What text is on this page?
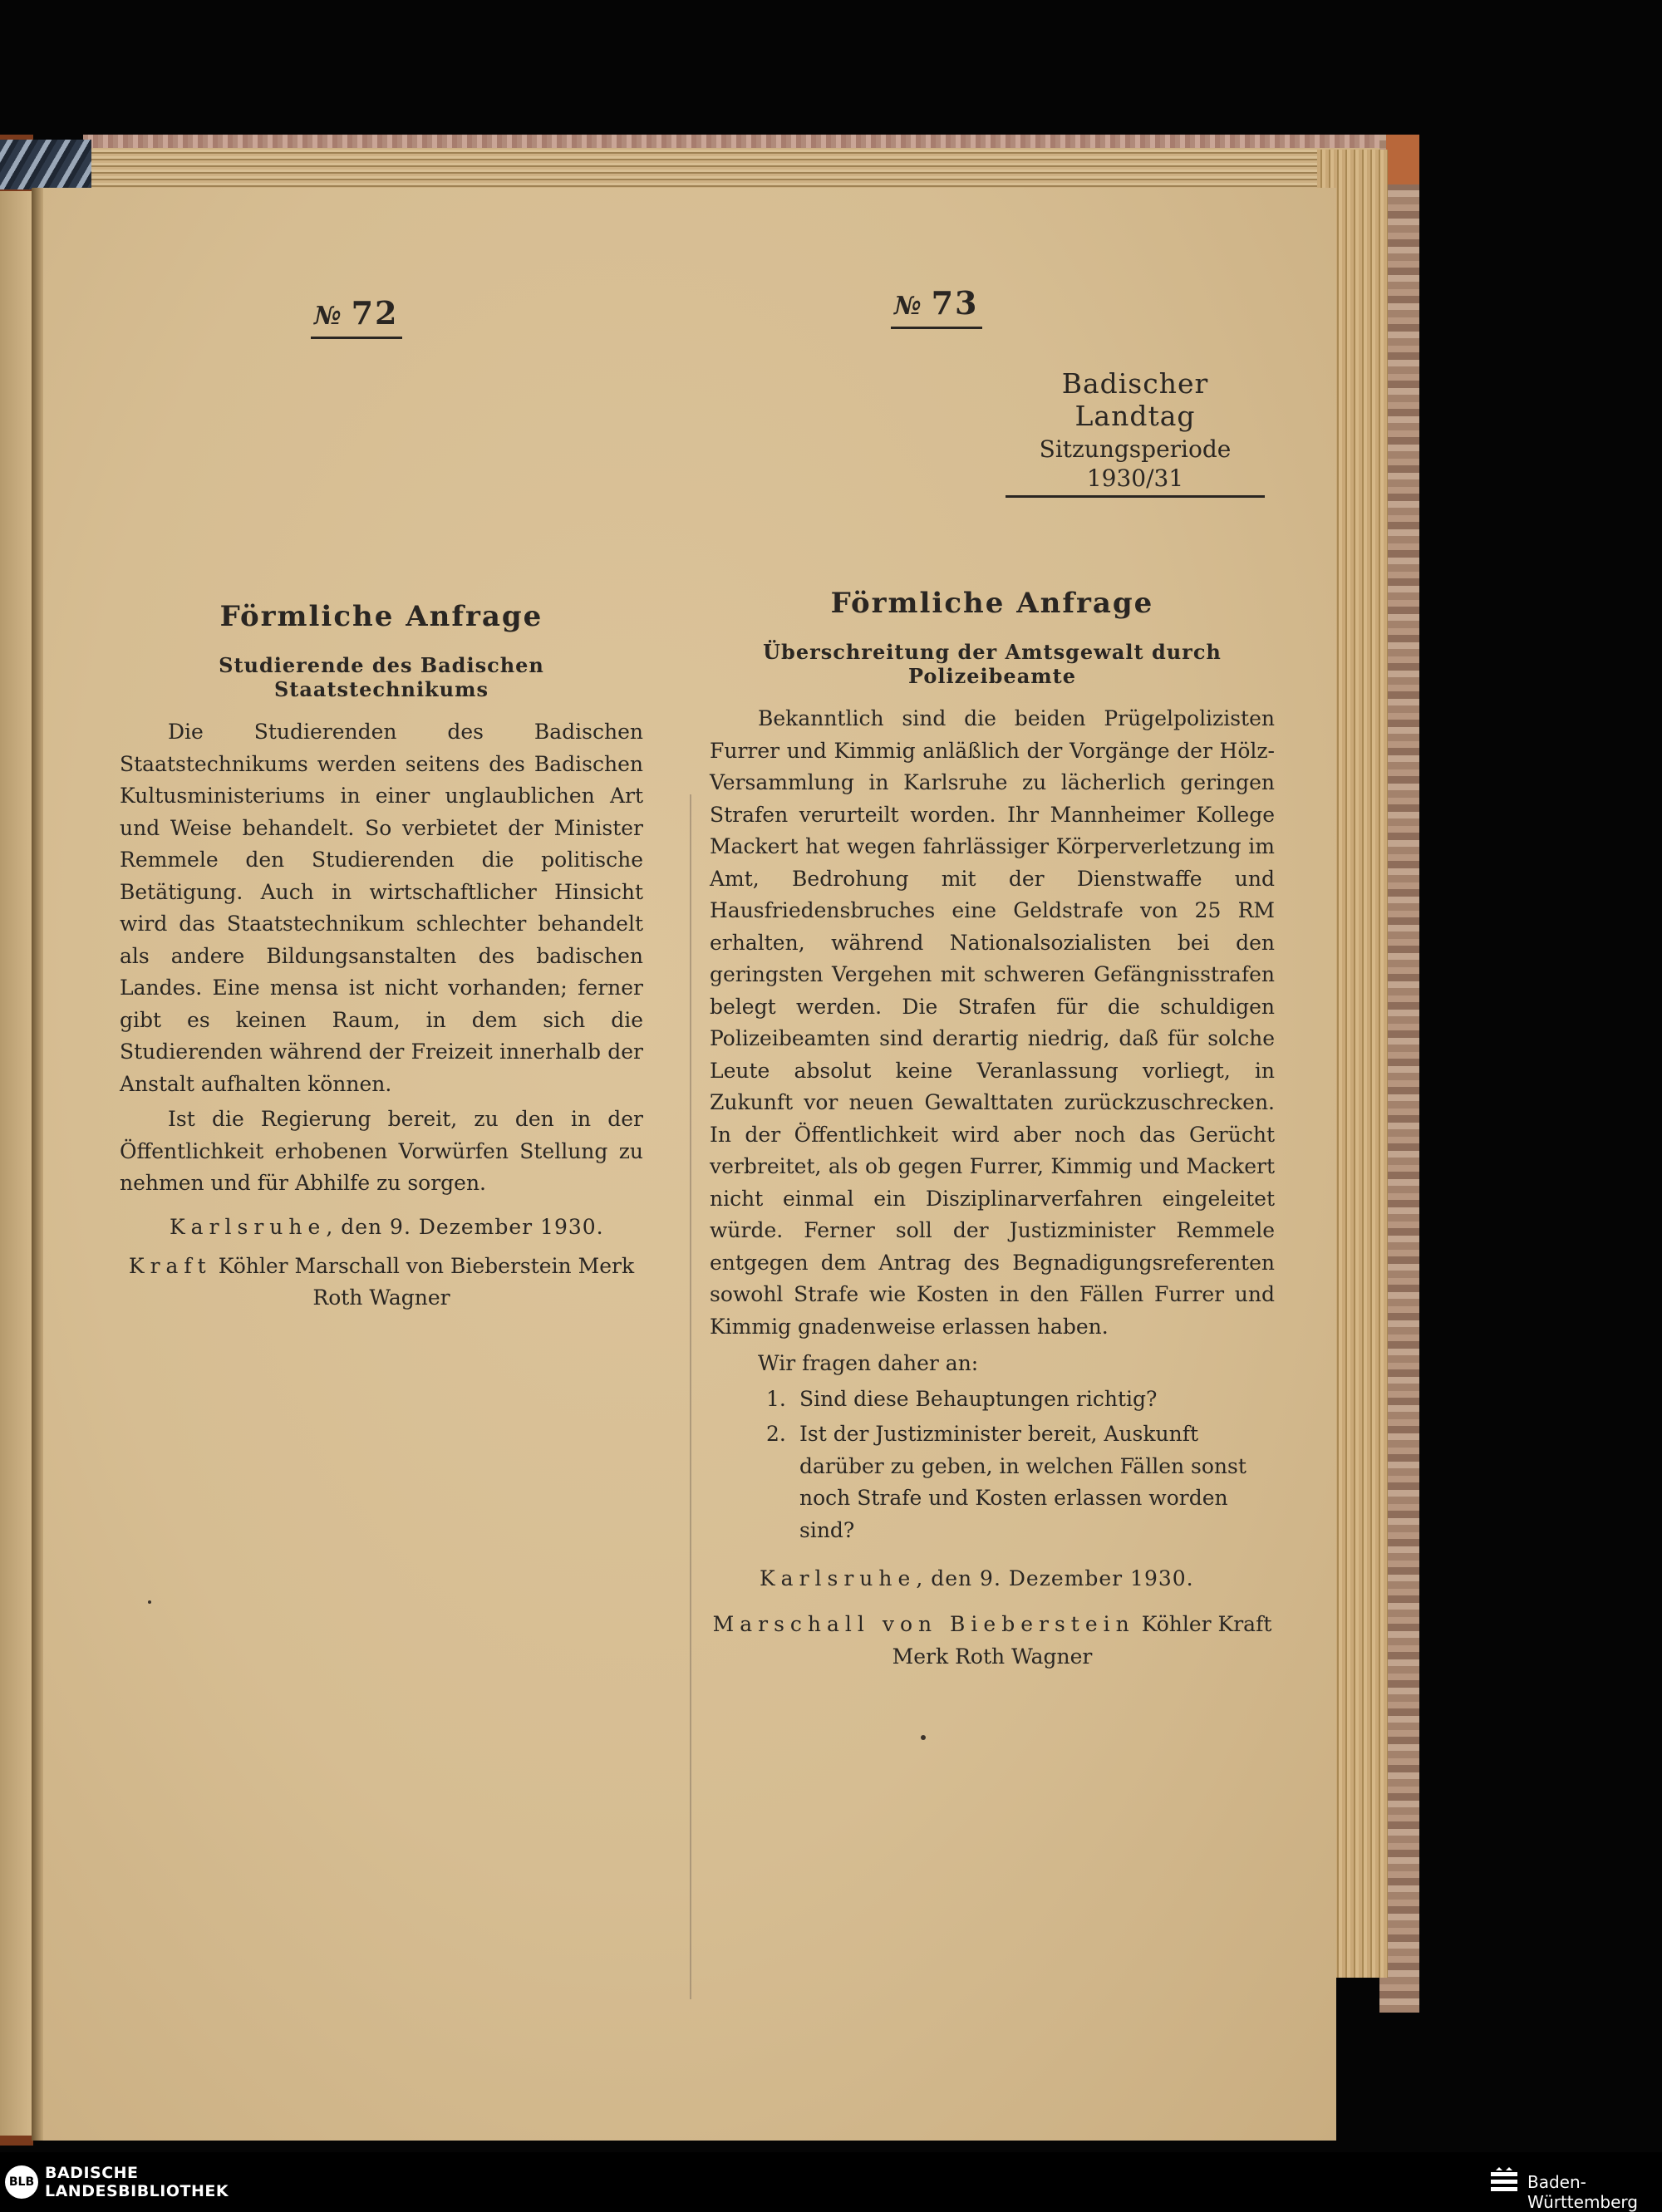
№ 72

Förmliche Anfrage

Studierende des Badischen Staatstechnikums

Die Studierenden des Badischen Staatstechnikums werden seitens des Badischen Kultusministeriums in einer unglaublichen Art und Weise behandelt. So verbietet der Minister Remmele den Studierenden die politische Betätigung. Auch in wirtschaftlicher Hinsicht wird das Staatstechnikum schlechter behandelt als andere Bildungsanstalten des badischen Landes. Eine mensa ist nicht vorhanden; ferner gibt es keinen Raum, in dem sich die Studierenden während der Freizeit innerhalb der Anstalt aufhalten können.

Ist die Regierung bereit, zu den in der Öffentlichkeit erhobenen Vorwürfen Stellung zu nehmen und für Abhilfe zu sorgen.

Karlsruhe, den 9. Dezember 1930.
Kraft Köhler Marschall von Bieberstein Merk
Roth Wagner
№ 73
Badischer Landtag
Sitzungsperiode
1930/31

Förmliche Anfrage

Überschreitung der Amtsgewalt durch Polizeibeamte

Bekanntlich sind die beiden Prügelpolizisten Furrer und Kimmig anläßlich der Vorgänge der Hölz-Versammlung in Karlsruhe zu lächerlich geringen Strafen verurteilt worden. Ihr Mannheimer Kollege Mackert hat wegen fahrlässiger Körperverletzung im Amt, Bedrohung mit der Dienstwaffe und Hausfriedensbruches eine Geldstrafe von 25 RM erhalten, während Nationalsozialisten bei den geringsten Vergehen mit schweren Gefängnisstrafen belegt werden. Die Strafen für die schuldigen Polizeibeamten sind derartig niedrig, daß für solche Leute absolut keine Veranlassung vorliegt, in Zukunft vor neuen Gewalttaten zurückzuschrecken. In der Öffentlichkeit wird aber noch das Gerücht verbreitet, als ob gegen Furrer, Kimmig und Mackert nicht einmal ein Disziplinarverfahren eingeleitet würde. Ferner soll der Justizminister Remmele entgegen dem Antrag des Begnadigungsreferenten sowohl Strafe wie Kosten in den Fällen Furrer und Kimmig gnadenweise erlassen haben.

Wir fragen daher an:

1. Sind diese Behauptungen richtig?
2. Ist der Justizminister bereit, Auskunft darüber zu geben, in welchen Fällen sonst noch Strafe und Kosten erlassen worden sind?
Karlsruhe, den 9. Dezember 1930.
Marschall von Bieberstein Köhler Kraft
Merk Roth Wagner
BLB BADISCHE
LANDESBIBLIOTHEK	Baden-Württemberg
